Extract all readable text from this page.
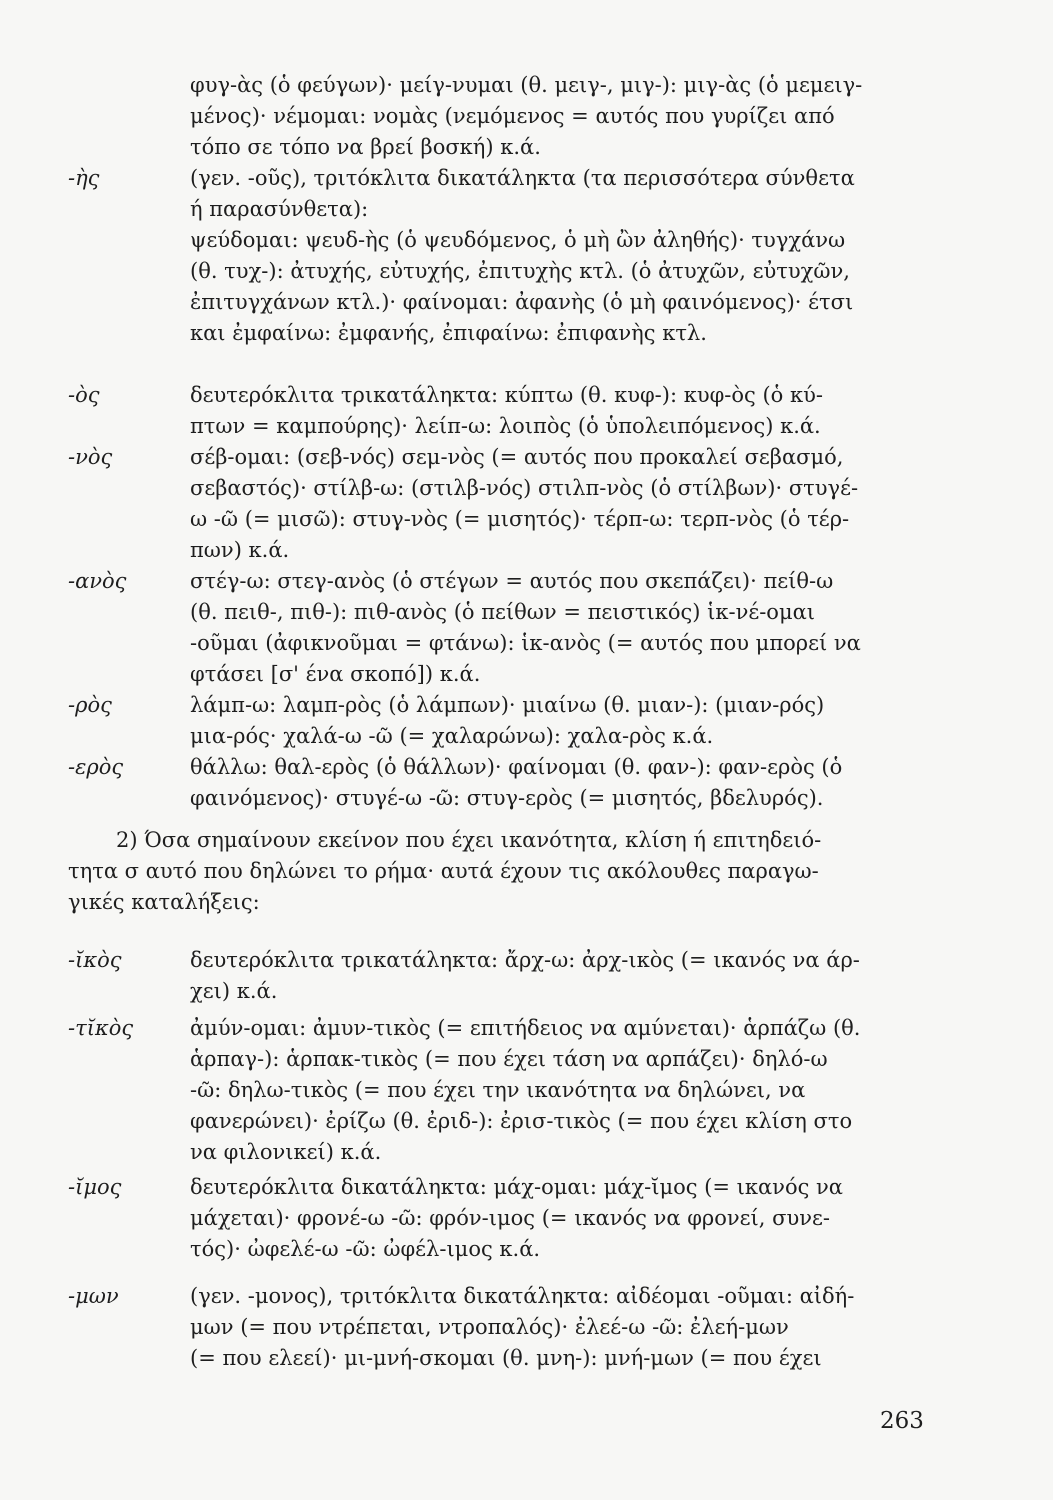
φυγ-ὰς (ὁ φεύγων)· μείγ-νυμαι (θ. μειγ-, μιγ-): μιγ-ὰς (ὁ μεμειγ-
μένος)· νέμομαι: νομὰς (νεμόμενος = αυτός που γυρίζει από
τόπο σε τόπο να βρεί βοσκή) κ.ά.
-ὴς	(γεν. -οῦς), τριτόκλιτα δικατάληκτα (τα περισσότερα σύνθετα
ή παρασύνθετα):
ψεύδομαι: ψευδ-ὴς (ὁ ψευδόμενος, ὁ μὴ ὢν ἀληθής)· τυγχάνω
(θ. τυχ-): ἀτυχής, εὐτυχής, ἐπιτυχὴς κτλ. (ὁ ἀτυχῶν, εὐτυχῶν,
ἐπιτυγχάνων κτλ.)· φαίνομαι: ἀφανὴς (ὁ μὴ φαινόμενος)· έτσι
και ἐμφαίνω: ἐμφανής, ἐπιφαίνω: ἐπιφανὴς κτλ.
-ὸς	δευτερόκλιτα τρικατάληκτα: κύπτω (θ. κυφ-): κυφ-ὸς (ὁ κύ-
πτων = καμπούρης)· λείπ-ω: λοιπὸς (ὁ ὑπολειπόμενος) κ.ά.
-νὸς	σέβ-ομαι: (σεβ-νός) σεμ-νὸς (= αυτός που προκαλεί σεβασμό,
σεβαστός)· στίλβ-ω: (στιλβ-νός) στιλπ-νὸς (ὁ στίλβων)· στυγέ-
ω -ῶ (= μισῶ): στυγ-νὸς (= μισητός)· τέρπ-ω: τερπ-νὸς (ὁ τέρ-
πων) κ.ά.
-ανὸς	στέγ-ω: στεγ-ανὸς (ὁ στέγων = αυτός που σκεπάζει)· πείθ-ω
(θ. πειθ-, πιθ-): πιθ-ανὸς (ὁ πείθων = πειστικός) ἱκ-νέ-ομαι
-οῦμαι (ἀφικνοῦμαι = φτάνω): ἱκ-ανὸς (= αυτός που μπορεί να
φτάσει [σ' ένα σκοπό]) κ.ά.
-ρὸς	λάμπ-ω: λαμπ-ρὸς (ὁ λάμπων)· μιαίνω (θ. μιαν-): (μιαν-ρός)
μια-ρός· χαλά-ω -ῶ (= χαλαρώνω): χαλα-ρὸς κ.ά.
-ερὸς	θάλλω: θαλ-ερὸς (ὁ θάλλων)· φαίνομαι (θ. φαν-): φαν-ερὸς (ὁ
φαινόμενος)· στυγέ-ω -ῶ: στυγ-ερὸς (= μισητός, βδελυρός).
2) Όσα σημαίνουν εκείνον που έχει ικανότητα, κλίση ή επιτηδειό-
τητα σ αυτό που δηλώνει το ρήμα· αυτά έχουν τις ακόλουθες παραγω-
γικές καταλήξεις:
-ῐκὸς	δευτερόκλιτα τρικατάληκτα: ἄρχ-ω: ἀρχ-ικὸς (= ικανός να άρ-
χει) κ.ά.
-τῐκὸς	ἀμύν-ομαι: ἀμυν-τικὸς (= επιτήδειος να αμύνεται)· ἁρπάζω (θ.
ἁρπαγ-): ἁρπακ-τικὸς (= που έχει τάση να αρπάζει)· δηλό-ω
-ῶ: δηλω-τικὸς (= που έχει την ικανότητα να δηλώνει, να
φανερώνει)· ἐρίζω (θ. ἐριδ-): ἐρισ-τικὸς (= που έχει κλίση στο
να φιλονικεί) κ.ά.
-ῐμος	δευτερόκλιτα δικατάληκτα: μάχ-ομαι: μάχ-ῐμος (= ικανός να
μάχεται)· φρονέ-ω -ῶ: φρόν-ιμος (= ικανός να φρονεί, συνε-
τός)· ὠφελέ-ω -ῶ: ὠφέλ-ιμος κ.ά.
-μων	(γεν. -μονος), τριτόκλιτα δικατάληκτα: αἰδέομαι -οῦμαι: αἰδή-
μων (= που ντρέπεται, ντροπαλός)· ἐλεέ-ω -ῶ: ἐλεή-μων
(= που ελεεί)· μι-μνή-σκομαι (θ. μνη-): μνή-μων (= που έχει
263
